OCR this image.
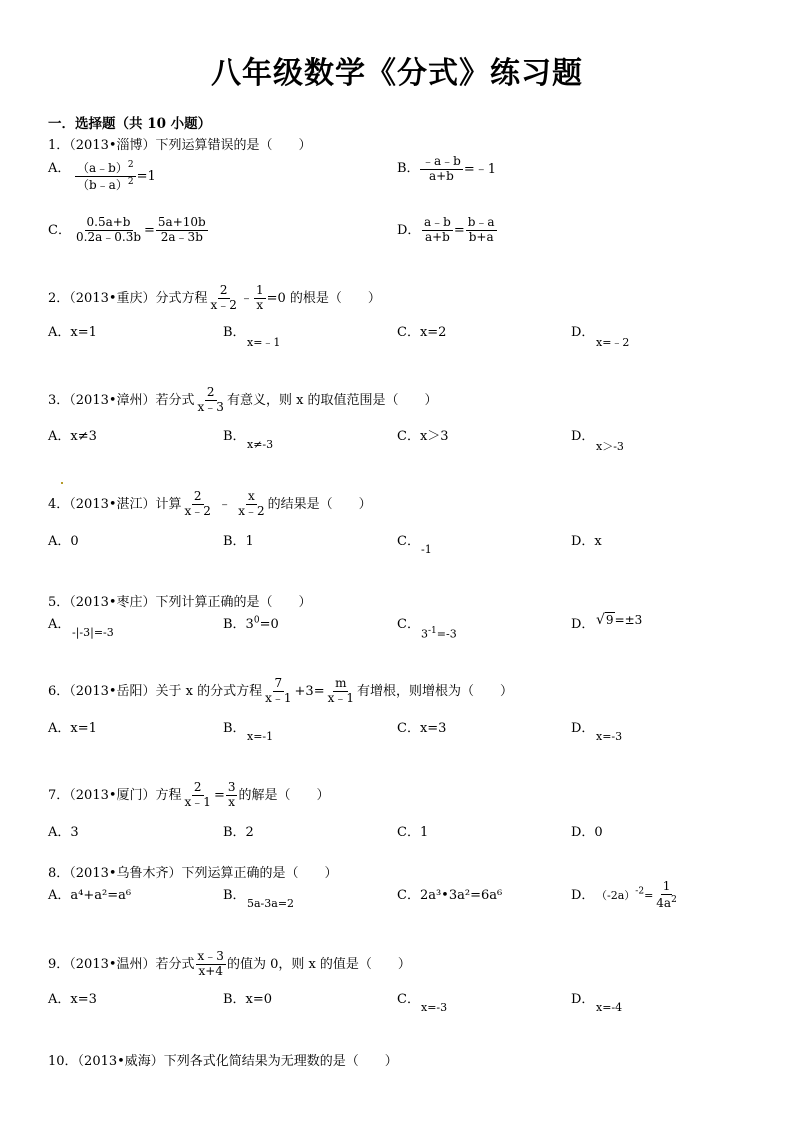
八年级数学《分式》练习题
一．选择题（共 10 小题）
1．（2013•淄博）下列运算错误的是（　　）
A． $\frac{(a﹣b)^2}{(b﹣a)^2} =1$
B． $\frac{﹣a﹣b}{a+b}$ =﹣1
C． $\frac{0.5a+b}{0.2a﹣0.3b} = \frac{5a+10b}{2a﹣3b}$	D． $\frac{a﹣b}{a+b} = \frac{b﹣a}{b+a}$
2．（2013•重庆）分式方程 $\frac{2}{x﹣2}$ ﹣ $\frac{1}{x} =0$ 的根是（　　）
A．x=1	B．
x=﹣1
C．x=2	D．
x=﹣2
3．（2013•漳州）若分式 $\frac{2}{x﹣3}$ 有意义，则 x 的取值范围是（　　）
A．x≠3	B．
x≠-3
C．x＞3	D．
x＞-3
4．（2013•湛江）计算 $\frac{2}{x﹣2}$ ﹣ $\frac{x}{x﹣2}$ 的结果是（　　）
A．0	B．1	C．
-1
D．x
5．（2013•枣庄）下列计算正确的是（　　）
A．
-|-3|=-3
B．$3^0=0$	C．
$3^{-1}=-3$
D． √9=±3
6．（2013•岳阳）关于 x 的分式方程 $\frac{7}{x﹣1} +3= \frac{m}{x﹣1}$ 有增根，则增根为（　　）
A．x=1	B．
x=-1
C．x=3	D．
x=-3
7．（2013•厦门）方程 $\frac{2}{x﹣1} = \frac{3}{x}$ 的解是（　　）
A．3	B．2	C．1	D．0
8．（2013•乌鲁木齐）下列运算正确的是（　　）
A．a⁴+a²=a⁶	B．
5a-3a=2
C．2a³•3a²=6a⁶	D． $(-2a)^{-2}= \frac{1}{4a^2}$
9．（2013•温州）若分式 $\frac{x﹣3}{x+4}$ 的值为 0，则 x 的值是（　　）
A．x=3	B．x=0	C．
x=-3
D．
x=-4
10．（2013•威海）下列各式化简结果为无理数的是（　　）
